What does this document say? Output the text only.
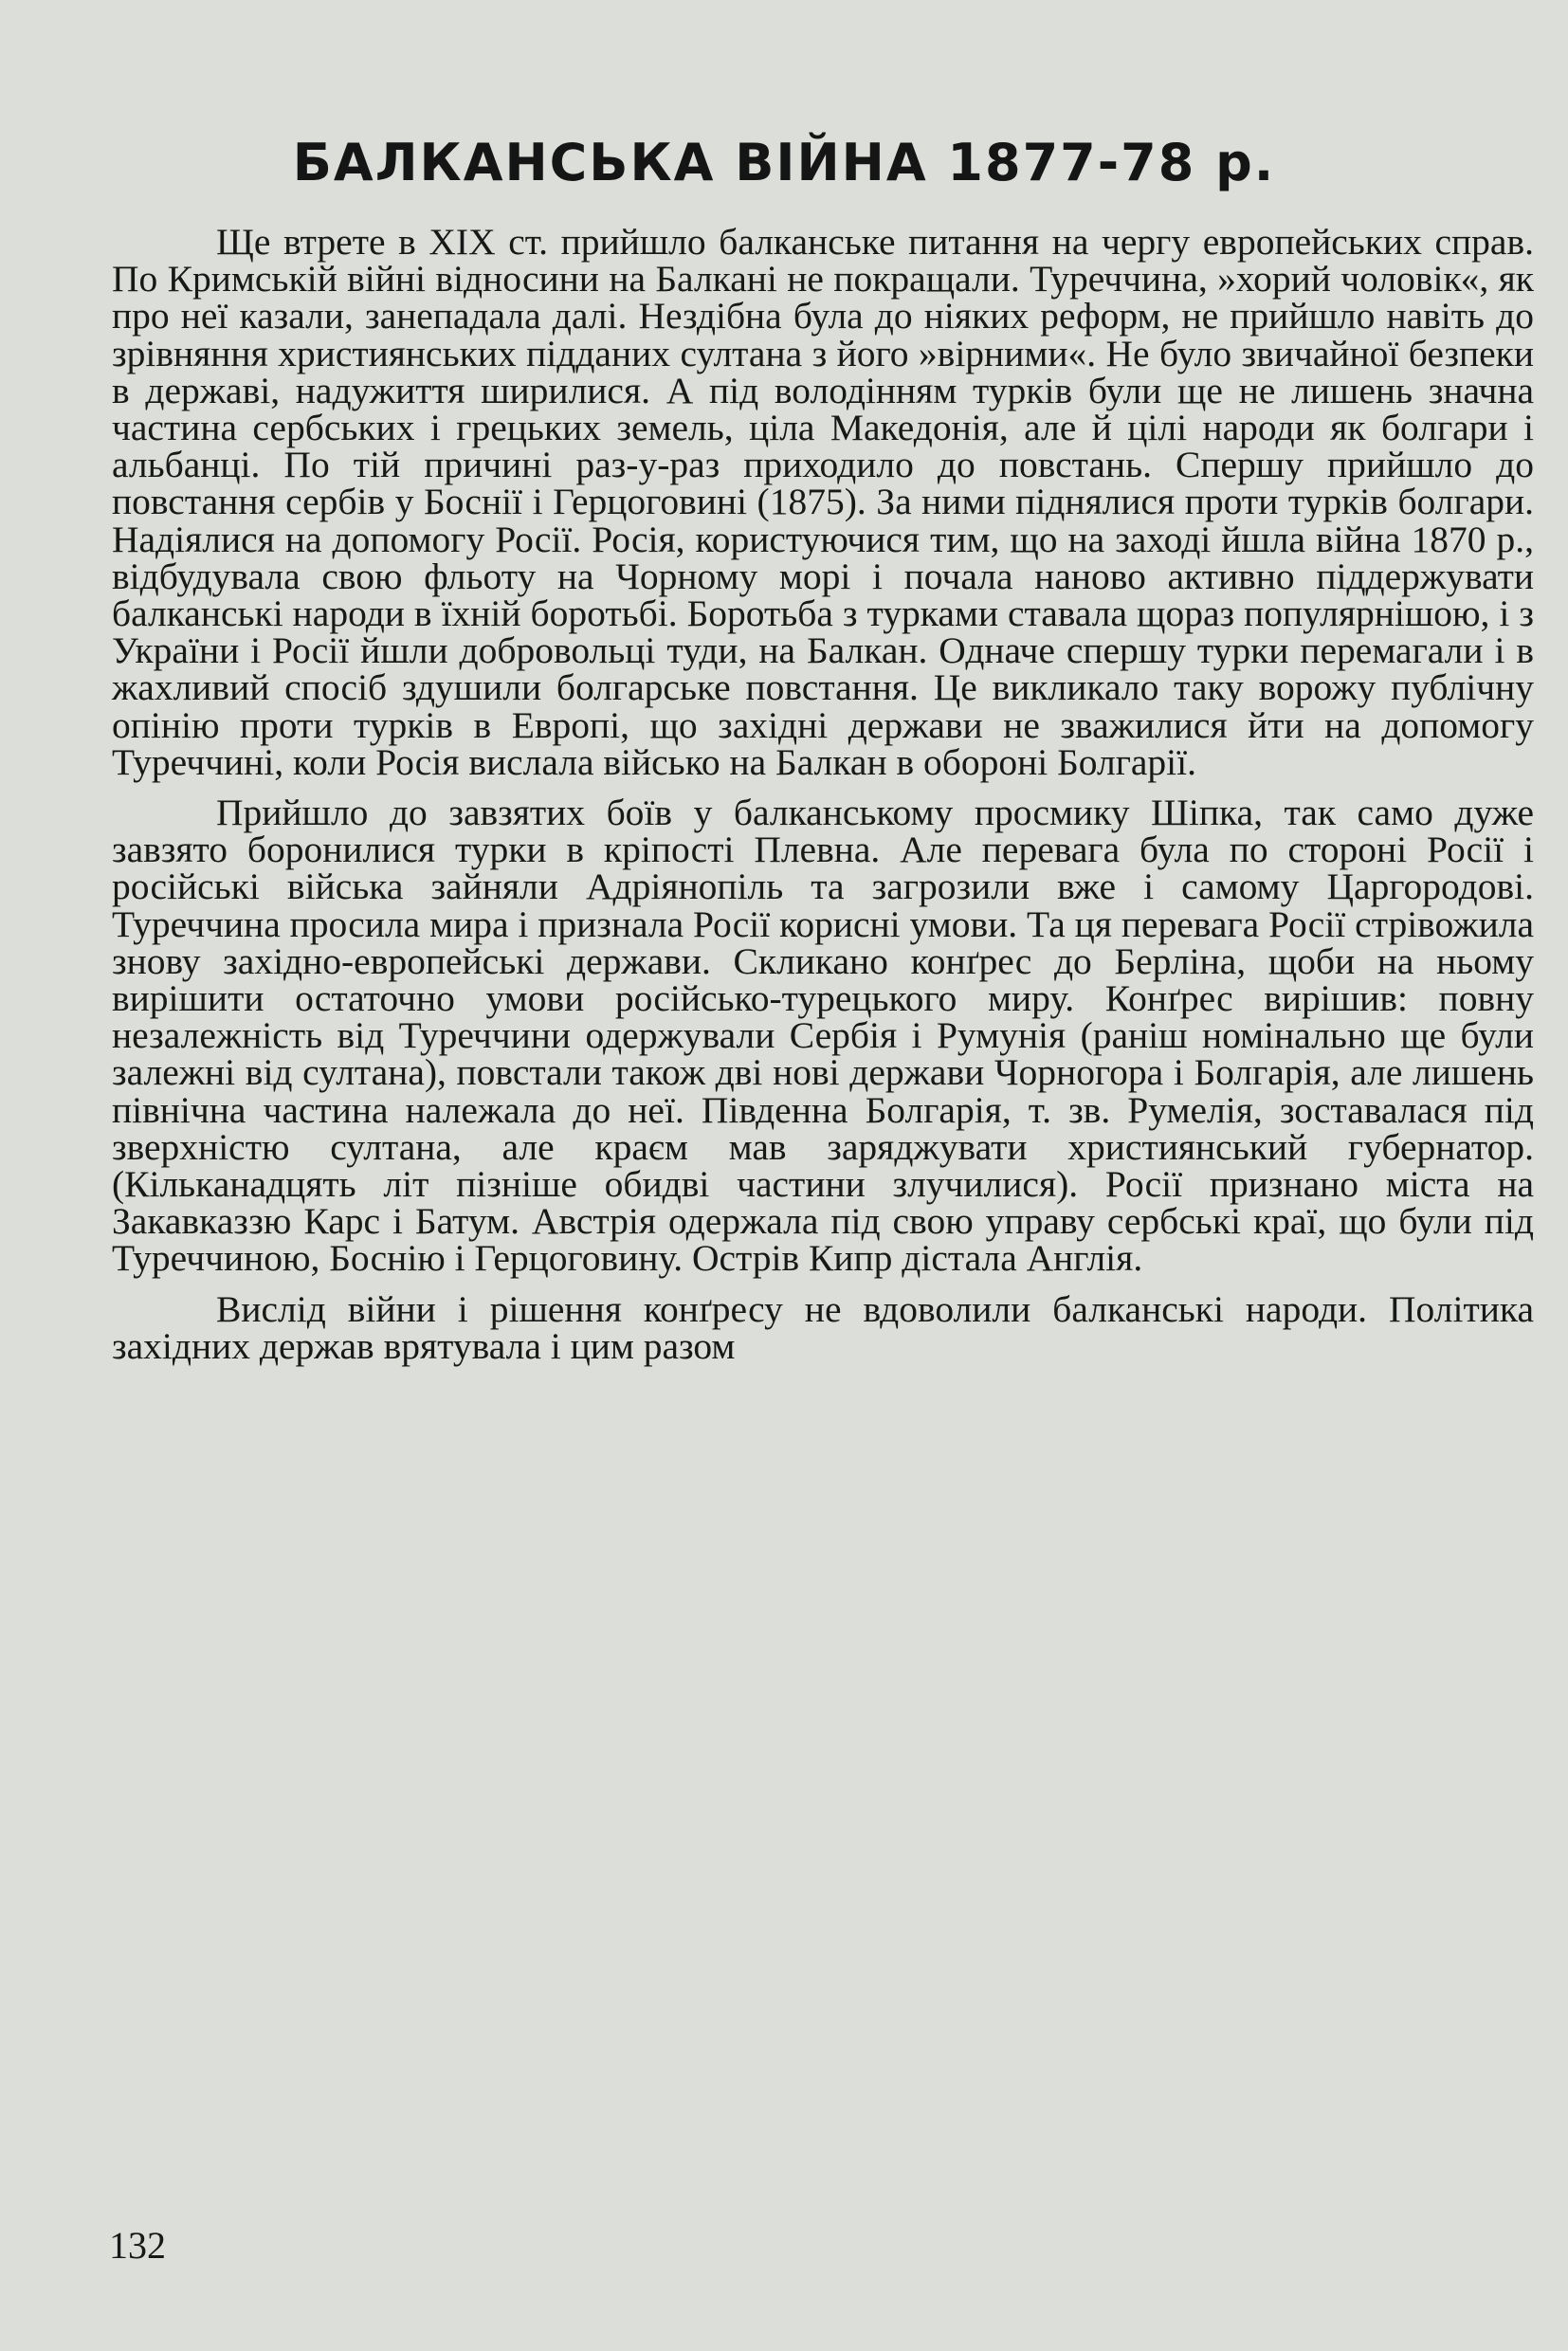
БАЛКАНСЬКА ВІЙНА 1877-78 р.

Ще втрете в ХІХ ст. прийшло балканське питання на чергу европейських справ. По Кримській війні відносини на Балкані не покращали. Туреччина, »хорий чоловік«, як про неї казали, занепадала далі. Нездібна була до ніяких реформ, не прийшло навіть до зрівняння християнських підданих султана з його »вірними«. Не було звичайної безпеки в державі, надужиття ширилися. А під володінням турків були ще не лишень значна частина сербських і грецьких земель, ціла Македонія, але й цілі народи як болгари і альбанці. По тій причині раз-у-раз приходило до повстань. Спершу прийшло до повстання сербів у Боснії і Герцоговині (1875). За ними піднялися проти турків болгари. Надіялися на допомогу Росії. Росія, користуючися тим, що на заході йшла війна 1870 р., відбудувала свою фльоту на Чорному морі і почала наново активно піддержувати балканські народи в їхній боротьбі. Боротьба з турками ставала щораз популярнішою, і з України і Росії йшли добровольці туди, на Балкан. Одначе спершу турки перемагали і в жахливий спосіб здушили болгарське повстання. Це викликало таку ворожу публічну опінію проти турків в Европі, що західні держави не зважилися йти на допомогу Туреччині, коли Росія вислала військо на Балкан в обороні Болгарії.

Прийшло до завзятих боїв у балканському просмику Шіпка, так само дуже завзято боронилися турки в кріпості Плевна. Але перевага була по стороні Росії і російські війська зайняли Адріянопіль та загрозили вже і самому Царгородові. Туреччина просила мира і признала Росії корисні умови. Та ця перевага Росії стрівожила знову західно-европейські держави. Скликано конґрес до Берліна, щоби на ньому вирішити остаточно умови російсько-турецького миру. Конґрес вирішив: повну незалежність від Туреччини одержували Сербія і Румунія (раніш номінально ще були залежні від султана), повстали також дві нові держави Чорногора і Болгарія, але лишень північна частина належала до неї. Південна Болгарія, т. зв. Румелія, зоставалася під зверхністю султана, але краєм мав заряджувати християнський губернатор. (Кільканадцять літ пізніше обидві частини злучилися). Росії признано міста на Закавказзю Карс і Батум. Австрія одержала під свою управу сербські краї, що були під Туреччиною, Боснію і Герцоговину. Острів Кипр дістала Англія.

Вислід війни і рішення конґресу не вдоволили балканські народи. Політика західних держав врятувала і цим разом

132
